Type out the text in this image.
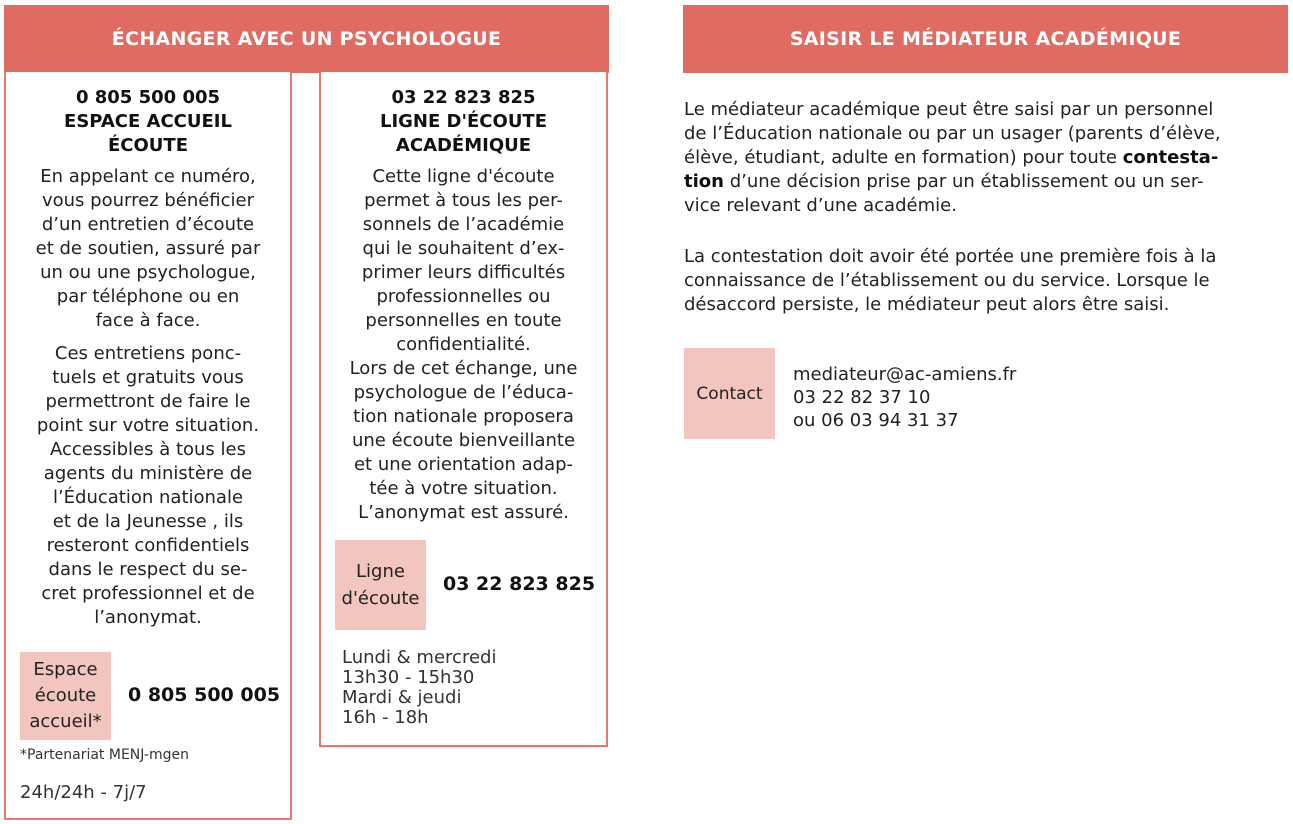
ÉCHANGER AVEC UN PSYCHOLOGUE
0 805 500 005
ESPACE ACCUEIL
ÉCOUTE
En appelant ce numéro,
vous pourrez bénéficier
d’un entretien d’écoute
et de soutien, assuré par
un ou une psychologue,
par téléphone ou en
face à face.
Ces entretiens ponc-
tuels et gratuits vous
permettront de faire le
point sur votre situation.
Accessibles à tous les
agents du ministère de
l’Éducation nationale
et de la Jeunesse , ils
resteront confidentiels
dans le respect du se-
cret professionnel et de
l’anonymat.
Espace
écoute
accueil*
0 805 500 005
*Partenariat MENJ-mgen
24h/24h - 7j/7
03 22 823 825
LIGNE D'ÉCOUTE
ACADÉMIQUE
Cette ligne d'écoute
permet à tous les per-
sonnels de l’académie
qui le souhaitent d’ex-
primer leurs difficultés
professionnelles ou
personnelles en toute
confidentialité.
Lors de cet échange, une
psychologue de l’éduca-
tion nationale proposera
une écoute bienveillante
et une orientation adap-
tée à votre situation.
L’anonymat est assuré.
Ligne
d'écoute
03 22 823 825
Lundi & mercredi
13h30 - 15h30
Mardi & jeudi
16h - 18h
SAISIR LE MÉDIATEUR ACADÉMIQUE
Le médiateur académique peut être saisi par un personnel
de l’Éducation nationale ou par un usager (parents d’élève,
élève, étudiant, adulte en formation) pour toute contesta-
tion d’une décision prise par un établissement ou un ser-
vice relevant d’une académie.
La contestation doit avoir été portée une première fois à la
connaissance de l’établissement ou du service. Lorsque le
désaccord persiste, le médiateur peut alors être saisi.
Contact
mediateur@ac-amiens.fr
03 22 82 37 10
ou 06 03 94 31 37
